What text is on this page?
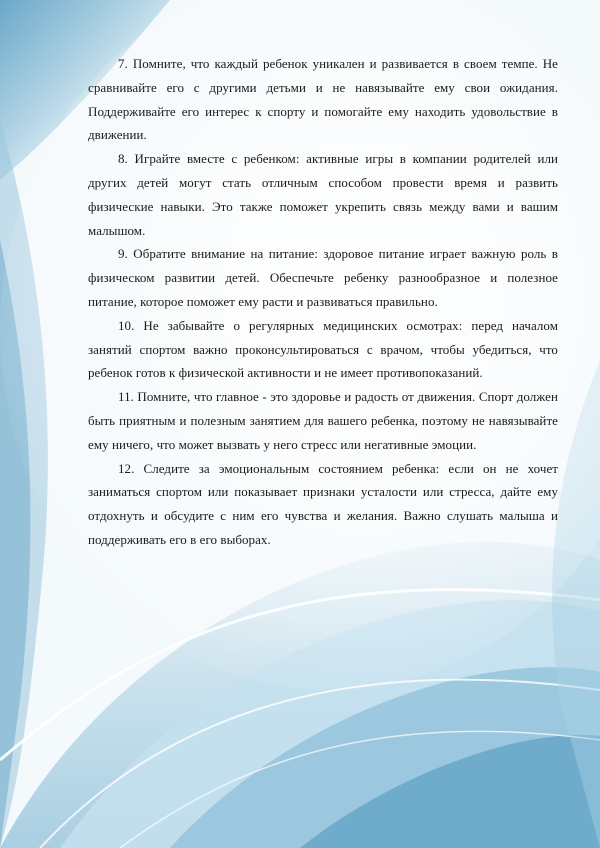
7. Помните, что каждый ребенок уникален и развивается в своем темпе. Не сравнивайте его с другими детьми и не навязывайте ему свои ожидания. Поддерживайте его интерес к спорту и помогайте ему находить удовольствие в движении.

8. Играйте вместе с ребенком: активные игры в компании родителей или других детей могут стать отличным способом провести время и развить физические навыки. Это также поможет укрепить связь между вами и вашим малышом.

9. Обратите внимание на питание: здоровое питание играет важную роль в физическом развитии детей. Обеспечьте ребенку разнообразное и полезное питание, которое поможет ему расти и развиваться правильно.

10. Не забывайте о регулярных медицинских осмотрах: перед началом занятий спортом важно проконсультироваться с врачом, чтобы убедиться, что ребенок готов к физической активности и не имеет противопоказаний.

11. Помните, что главное - это здоровье и радость от движения. Спорт должен быть приятным и полезным занятием для вашего ребенка, поэтому не навязывайте ему ничего, что может вызвать у него стресс или негативные эмоции.

12. Следите за эмоциональным состоянием ребенка: если он не хочет заниматься спортом или показывает признаки усталости или стресса, дайте ему отдохнуть и обсудите с ним его чувства и желания. Важно слушать малыша и поддерживать его в его выборах.
